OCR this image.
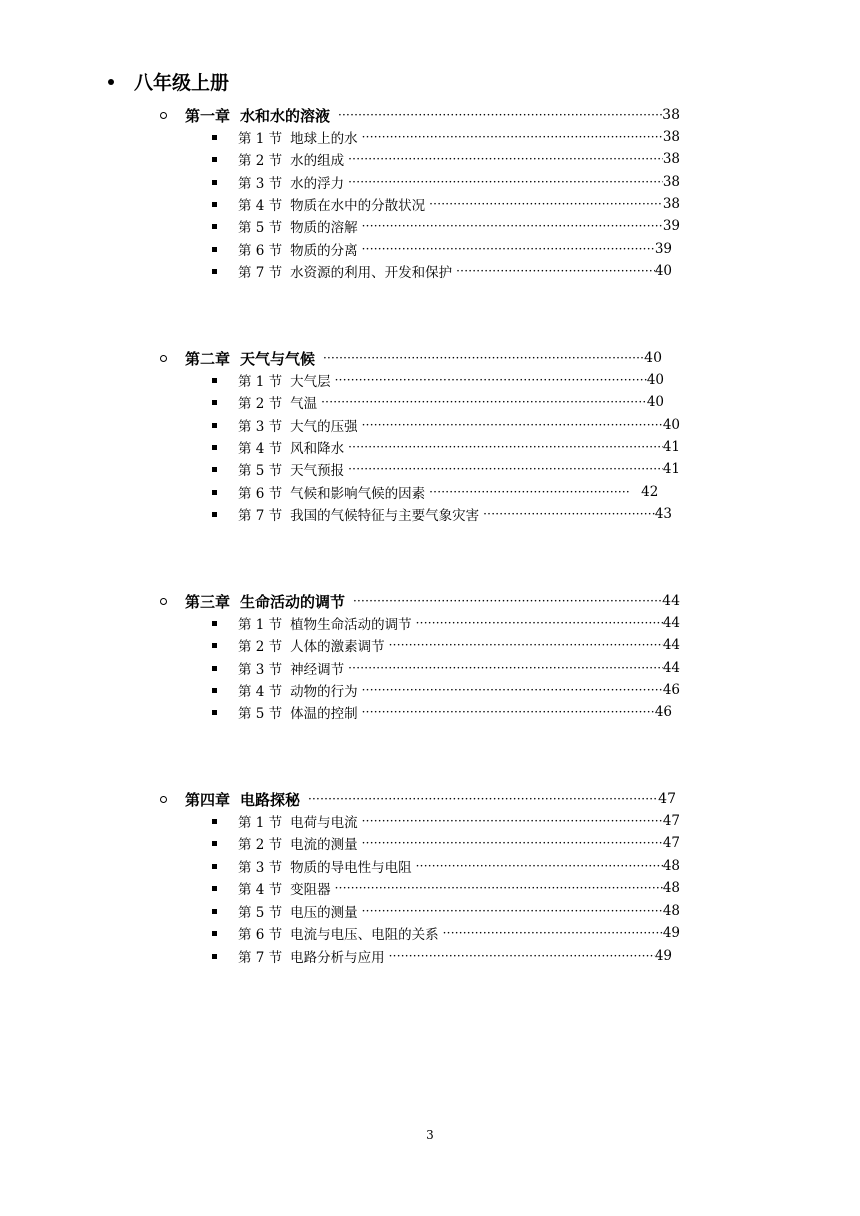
八年级上册
第一章 水和水的溶液 ·····	38
第 1 节 地球上的水 ·····	38
第 2 节 水的组成 ·····	38
第 3 节 水的浮力 ·····	38
第 4 节 物质在水中的分散状况 ·····	38
第 5 节 物质的溶解 ·····	39
第 6 节 物质的分离 ·····	39
第 7 节 水资源的利用、开发和保护 ·····	40
第二章 天气与气候 ·····	40
第 1 节 大气层 ·····	40
第 2 节 气温 ·····	40
第 3 节 大气的压强 ·····	40
第 4 节 风和降水 ·····	41
第 5 节 天气预报 ·····	41
第 6 节 气候和影响气候的因素 ·····	42
第 7 节 我国的气候特征与主要气象灾害 ·····	43
第三章 生命活动的调节 ·····	44
第 1 节 植物生命活动的调节 ·····	44
第 2 节 人体的激素调节 ·····	44
第 3 节 神经调节 ·····	44
第 4 节 动物的行为 ·····	46
第 5 节 体温的控制 ·····	46
第四章 电路探秘 ·····	47
第 1 节 电荷与电流 ·····	47
第 2 节 电流的测量 ·····	47
第 3 节 物质的导电性与电阻 ·····	48
第 4 节 变阻器 ·····	48
第 5 节 电压的测量 ·····	48
第 6 节 电流与电压、电阻的关系 ·····	49
第 7 节 电路分析与应用 ·····	49
3
